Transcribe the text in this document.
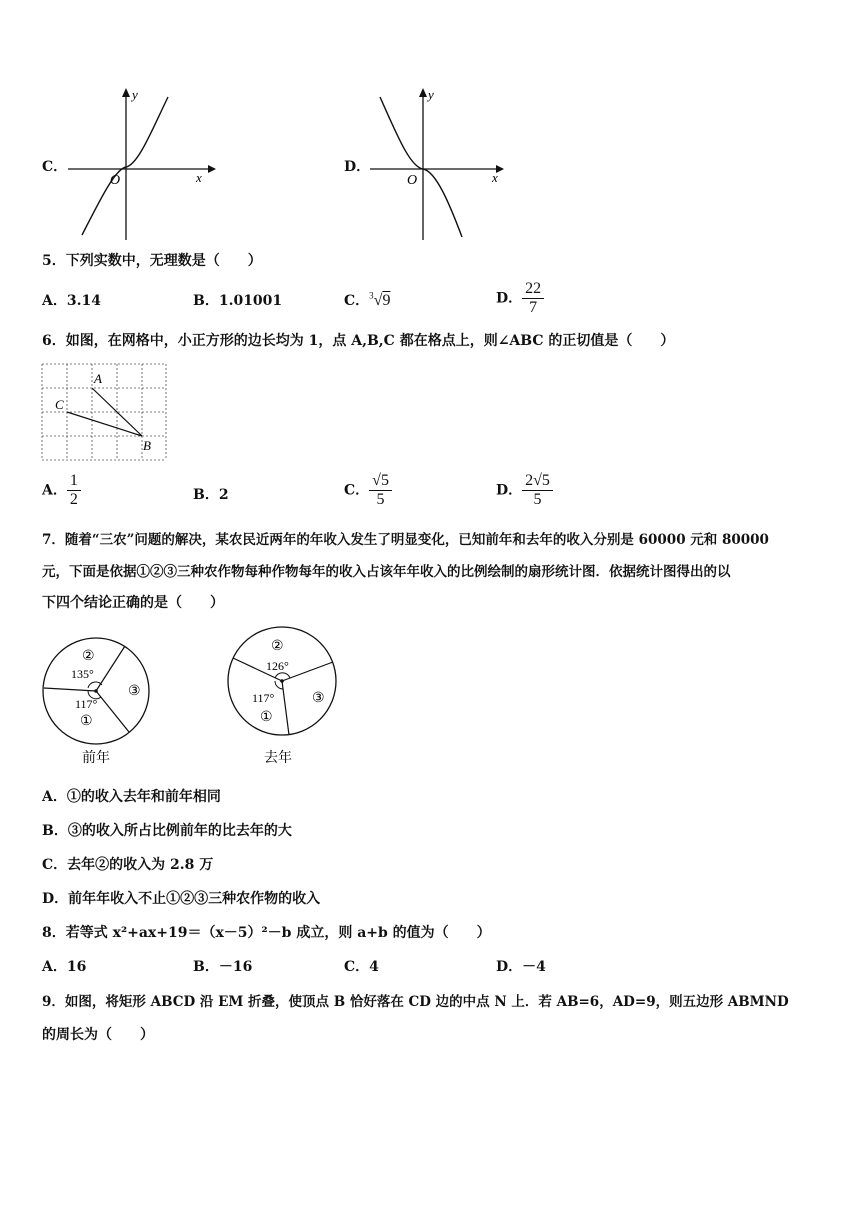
C．
y
x
O
D．
y
x
O
5．下列实数中，无理数是（　　）
A．3.14	B．1.01001	C．$^3$√9	D． $\frac{22}{7}$
6．如图，在网格中，小正方形的边长均为 1，点 A,B,C 都在格点上，则∠ABC 的正切值是（　　）
A
B
C
A． $\frac{1}{2}$	B．2	C． $\frac{√5}{5}$	D． $\frac{2√5}{5}$
7．随着“三农”问题的解决，某农民近两年的年收入发生了明显变化，已知前年和去年的收入分别是 60000 元和 80000
元，下面是依据①②③三种农作物每种作物每年的收入占该年年收入的比例绘制的扇形统计图．依据统计图得出的以
下四个结论正确的是（　　）
②
135°
③
117°
①
前年
②
126°
③
117°
①
去年
A．①的收入去年和前年相同
B．③的收入所占比例前年的比去年的大
C．去年②的收入为 2.8 万
D．前年年收入不止①②③三种农作物的收入
8．若等式 x²+ax+19＝（x－5）²－b 成立，则 a+b 的值为（　　）
A．16	B．－16	C．4	D．－4
9．如图，将矩形 ABCD 沿 EM 折叠，使顶点 B 恰好落在 CD 边的中点 N 上．若 AB=6，AD=9，则五边形 ABMND
的周长为（　　）
